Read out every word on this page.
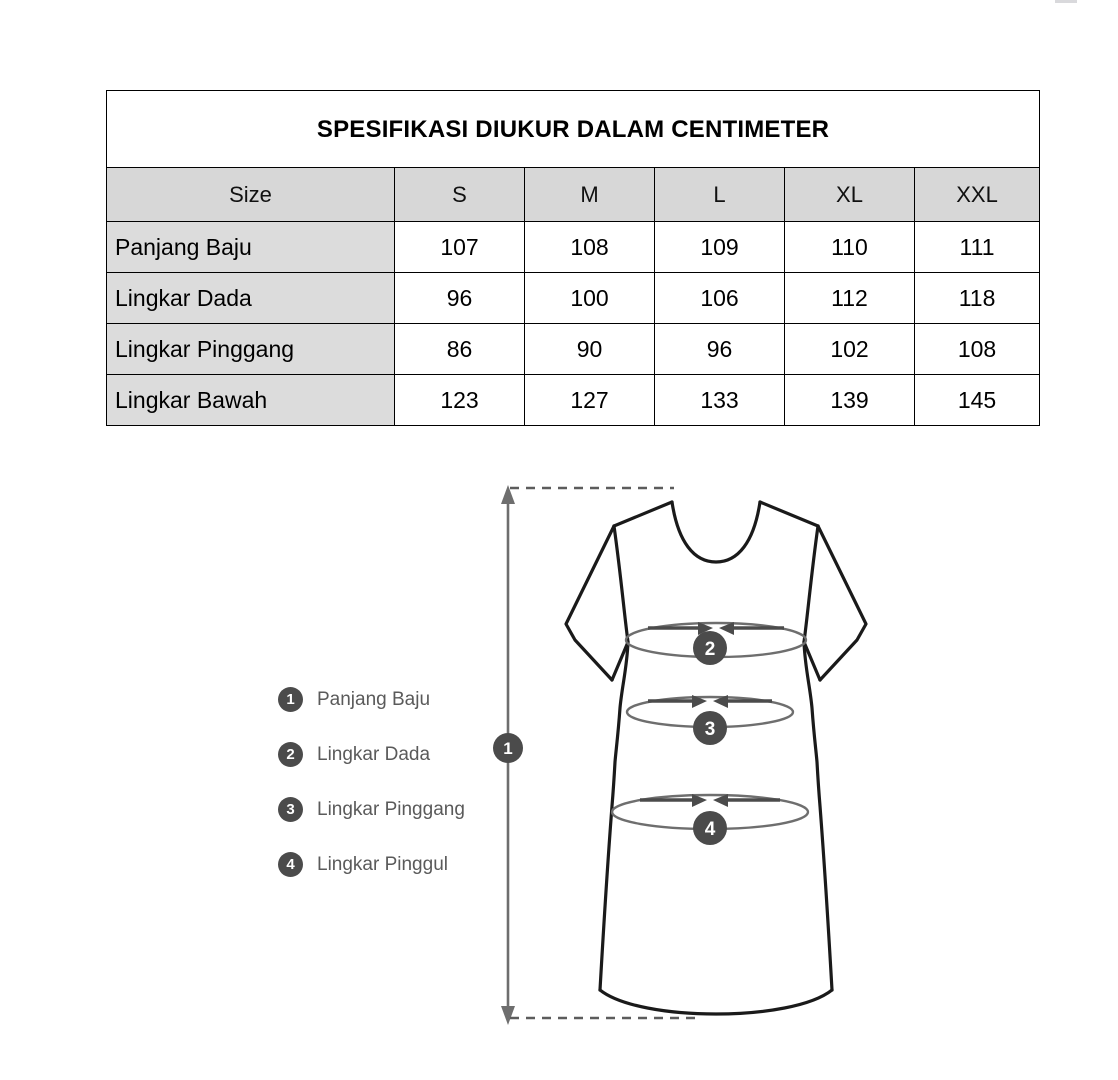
SPESIFIKASI DIUKUR DALAM CENTIMETER					

Size	S	M	L	XL	XXL
Panjang Baju	107	108	109	110	111
Lingkar Dada	96	100	106	112	118
Lingkar Pinggang	86	90	96	102	108
Lingkar Bawah	123	127	133	139	145
1
2
3
4
1	Panjang Baju
2	Lingkar Dada
3	Lingkar Pinggang
4	Lingkar Pinggul
